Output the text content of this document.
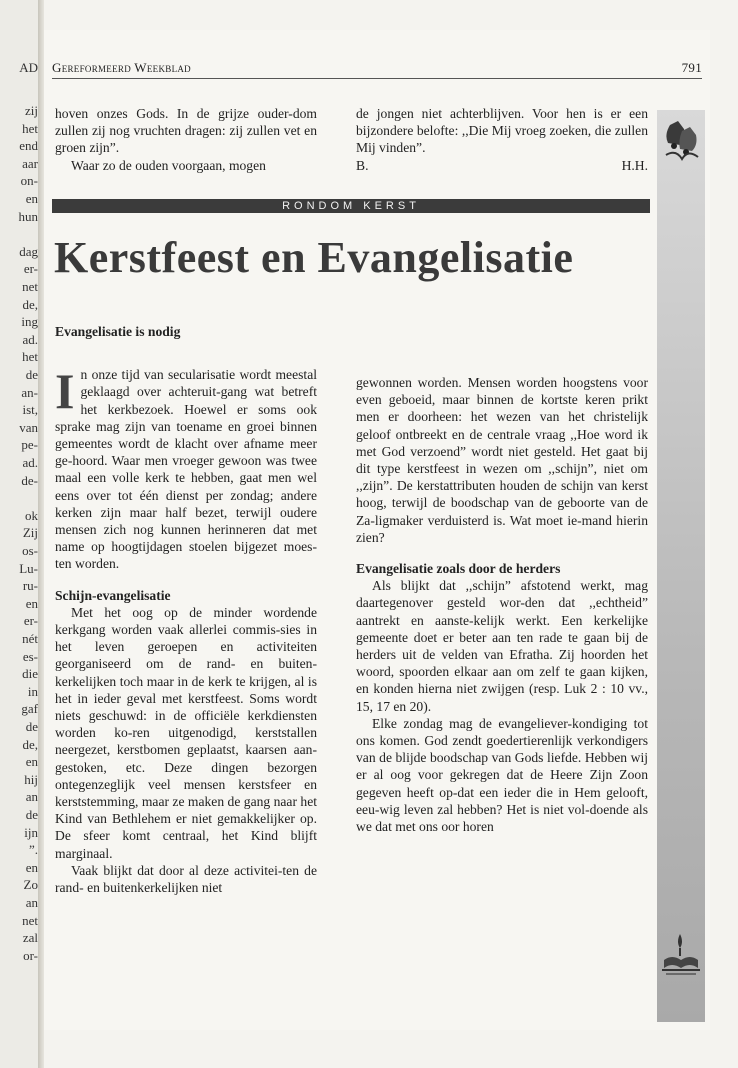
AD
zij
het
end
aar
on-
en
hun
dag
er-
net
de,
ing
ad.
het
de
an-
ist,
van
pe-
ad.
de-
ok
Zij
os-
Lu-
ru-
en
er-
nét
es-
die
in
gaf
de
de,
en
hij
an
de
ijn
”.
en
Zo
an
net
zal
or-
Gereformeerd Weekblad	791

hoven onzes Gods. In de grijze ouder-dom zullen zij nog vruchten dragen: zij zullen vet en groen zijn”.

Waar zo de ouden voorgaan, mogen

de jongen niet achterblijven. Voor hen is er een bijzondere belofte: ,,Die Mij vroeg zoeken, die zullen Mij vinden”.

B.	H.H.
RONDOM KERST
Kerstfeest en Evangelisatie

Evangelisatie is nodig

In onze tijd van secularisatie wordt meestal geklaagd over achteruit-gang wat betreft het kerkbezoek. Hoewel er soms ook sprake mag zijn van toename en groei binnen gemeentes wordt de klacht over afname meer ge-hoord. Waar men vroeger gewoon was twee maal een volle kerk te hebben, gaat men wel eens over tot één dienst per zondag; andere kerken zijn maar half bezet, terwijl oudere mensen zich nog kunnen herinneren dat met name op hoogtijdagen stoelen bijgezet moes-ten worden.

Schijn-evangelisatie

Met het oog op de minder wordende kerkgang worden vaak allerlei commis-sies in het leven geroepen en activiteiten georganiseerd om de rand- en buiten-kerkelijken toch maar in de kerk te krijgen, al is het in ieder geval met kerstfeest. Soms wordt niets geschuwd: in de officiële kerkdiensten worden ko-ren uitgenodigd, kerststallen neergezet, kerstbomen geplaatst, kaarsen aan-gestoken, etc. Deze dingen bezorgen ontegenzeglijk veel mensen kerstsfeer en kerststemming, maar ze maken de gang naar het Kind van Bethlehem er niet gemakkelijker op. De sfeer komt centraal, het Kind blijft marginaal.

Vaak blijkt dat door al deze activitei-ten de rand- en buitenkerkelijken niet

gewonnen worden. Mensen worden hoogstens voor even geboeid, maar binnen de kortste keren prikt men er doorheen: het wezen van het christelijk geloof ontbreekt en de centrale vraag ,,Hoe word ik met God verzoend” wordt niet gesteld. Het gaat bij dit type kerstfeest in wezen om ,,schijn”, niet om ,,zijn”. De kerstattributen houden de schijn van kerst hoog, terwijl de boodschap van de geboorte van de Za-ligmaker verduisterd is. Wat moet ie-mand hierin zien?

Evangelisatie zoals door de herders

Als blijkt dat ,,schijn” afstotend werkt, mag daartegenover gesteld wor-den dat ,,echtheid” aantrekt en aanste-kelijk werkt. Een kerkelijke gemeente doet er beter aan ten rade te gaan bij de herders uit de velden van Efratha. Zij hoorden het woord, spoorden elkaar aan om zelf te gaan kijken, en konden hierna niet zwijgen (resp. Luk 2 : 10 vv., 15, 17 en 20).

Elke zondag mag de evangeliever-kondiging tot ons komen. God zendt goedertierenlijk verkondigers van de blijde boodschap van Gods liefde. Hebben wij er al oog voor gekregen dat de Heere Zijn Zoon gegeven heeft op-dat een ieder die in Hem gelooft, eeu-wig leven zal hebben? Het is niet vol-doende als we dat met ons oor horen
